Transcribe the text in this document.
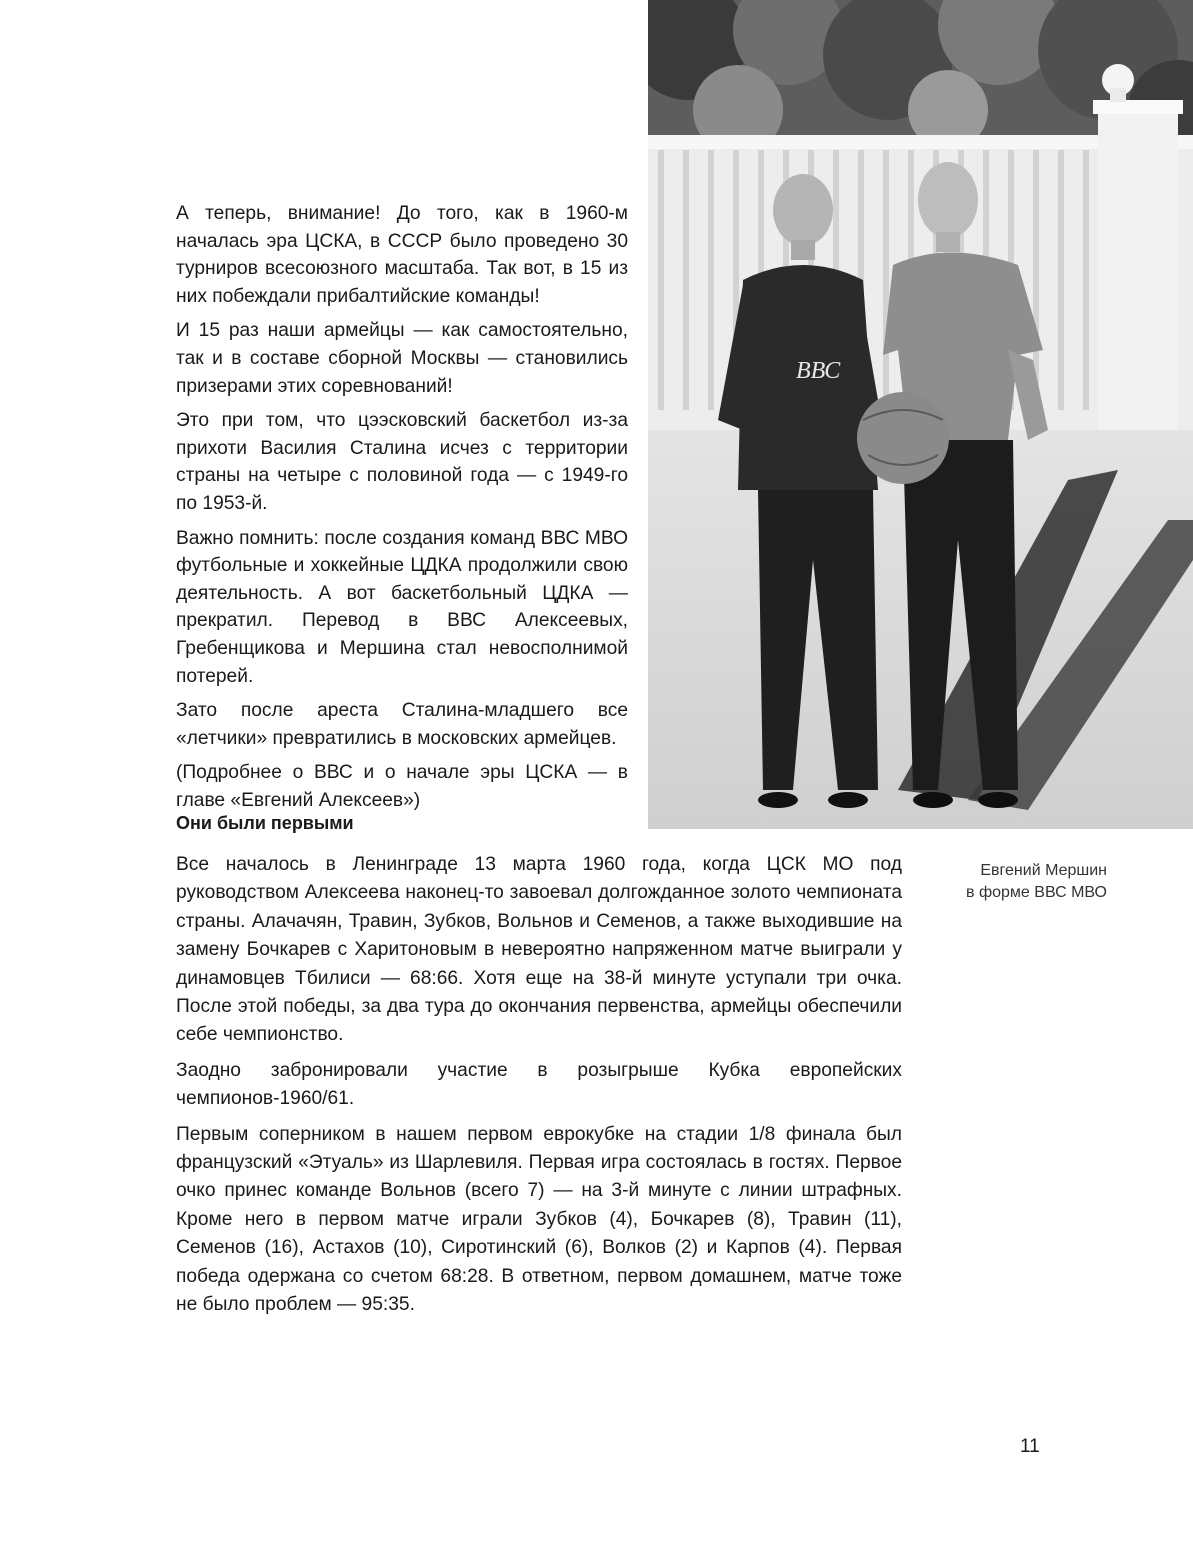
А теперь, внимание! До того, как в 1960-м началась эра ЦСКА, в СССР было проведено 30 турниров всесоюзного масштаба. Так вот, в 15 из них побеждали прибалтийские команды!

И 15 раз наши армейцы — как самостоятельно, так и в составе сборной Москвы — становились призерами этих соревнований!

Это при том, что цээсковский баскетбол из-за прихоти Василия Сталина исчез с территории страны на четыре с половиной года — с 1949-го по 1953-й.

Важно помнить: после создания команд ВВС МВО футбольные и хоккейные ЦДКА продолжили свою деятельность. А вот баскетбольный ЦДКА — прекратил. Перевод в ВВС Алексеевых, Гребенщикова и Мершина стал невосполнимой потерей.

Зато после ареста Сталина-младшего все «летчики» превратились в московских армейцев.

(Подробнее о ВВС и о начале эры ЦСКА — в главе «Евгений Алексеев»)

Они были первыми

Все началось в Ленинграде 13 марта 1960 года, когда ЦСК МО под руководством Алексеева наконец-то завоевал долгожданное золото чемпионата страны. Алачачян, Травин, Зубков, Вольнов и Семенов, а также выходившие на замену Бочкарев с Харитоновым в невероятно напряженном матче выиграли у динамовцев Тбилиси — 68:66. Хотя еще на 38-й минуте уступали три очка. После этой победы, за два тура до окончания первенства, армейцы обеспечили себе чемпионство.

Заодно забронировали участие в розыгрыше Кубка европейских чемпионов-1960/61.

Первым соперником в нашем первом еврокубке на стадии 1/8 финала был французский «Этуаль» из Шарлевиля. Первая игра состоялась в гостях. Первое очко принес команде Вольнов (всего 7) — на 3-й минуте с линии штрафных. Кроме него в первом матче играли Зубков (4), Бочкарев (8), Травин (11), Семенов (16), Астахов (10), Сиротинский (6), Волков (2) и Карпов (4). Первая победа одержана со счетом 68:28. В ответном, первом домашнем, матче тоже не было проблем — 95:35.

ВВС
Евгений Мершин
в форме ВВС МВО
11
